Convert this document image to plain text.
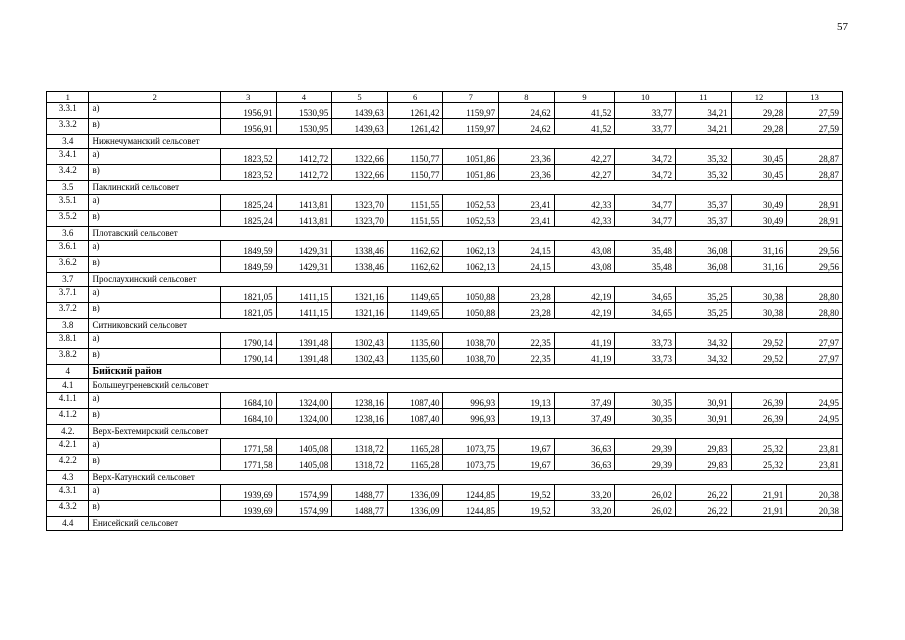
57
1	2	3	4	5	6	7	8	9	10	11	12	13
3.3.1	а)	1956,91	1530,95	1439,63	1261,42	1159,97	24,62	41,52	33,77	34,21	29,28	27,59
3.3.2	в)	1956,91	1530,95	1439,63	1261,42	1159,97	24,62	41,52	33,77	34,21	29,28	27,59
3.4	Нижнечуманский сельсовет											
3.4.1	а)	1823,52	1412,72	1322,66	1150,77	1051,86	23,36	42,27	34,72	35,32	30,45	28,87
3.4.2	в)	1823,52	1412,72	1322,66	1150,77	1051,86	23,36	42,27	34,72	35,32	30,45	28,87
3.5	Паклинский сельсовет											
3.5.1	а)	1825,24	1413,81	1323,70	1151,55	1052,53	23,41	42,33	34,77	35,37	30,49	28,91
3.5.2	в)	1825,24	1413,81	1323,70	1151,55	1052,53	23,41	42,33	34,77	35,37	30,49	28,91
3.6	Плотавский сельсовет											
3.6.1	а)	1849,59	1429,31	1338,46	1162,62	1062,13	24,15	43,08	35,48	36,08	31,16	29,56
3.6.2	в)	1849,59	1429,31	1338,46	1162,62	1062,13	24,15	43,08	35,48	36,08	31,16	29,56
3.7	Прослаухинский сельсовет											
3.7.1	а)	1821,05	1411,15	1321,16	1149,65	1050,88	23,28	42,19	34,65	35,25	30,38	28,80
3.7.2	в)	1821,05	1411,15	1321,16	1149,65	1050,88	23,28	42,19	34,65	35,25	30,38	28,80
3.8	Ситниковский сельсовет											
3.8.1	а)	1790,14	1391,48	1302,43	1135,60	1038,70	22,35	41,19	33,73	34,32	29,52	27,97
3.8.2	в)	1790,14	1391,48	1302,43	1135,60	1038,70	22,35	41,19	33,73	34,32	29,52	27,97
4	Бийский район											
4.1	Большеугреневский сельсовет											
4.1.1	а)	1684,10	1324,00	1238,16	1087,40	996,93	19,13	37,49	30,35	30,91	26,39	24,95
4.1.2	в)	1684,10	1324,00	1238,16	1087,40	996,93	19,13	37,49	30,35	30,91	26,39	24,95
4.2.	Верх-Бехтемирский сельсовет											
4.2.1	а)	1771,58	1405,08	1318,72	1165,28	1073,75	19,67	36,63	29,39	29,83	25,32	23,81
4.2.2	в)	1771,58	1405,08	1318,72	1165,28	1073,75	19,67	36,63	29,39	29,83	25,32	23,81
4.3	Верх-Катунский сельсовет											
4.3.1	а)	1939,69	1574,99	1488,77	1336,09	1244,85	19,52	33,20	26,02	26,22	21,91	20,38
4.3.2	в)	1939,69	1574,99	1488,77	1336,09	1244,85	19,52	33,20	26,02	26,22	21,91	20,38
4.4	Енисейский сельсовет											
